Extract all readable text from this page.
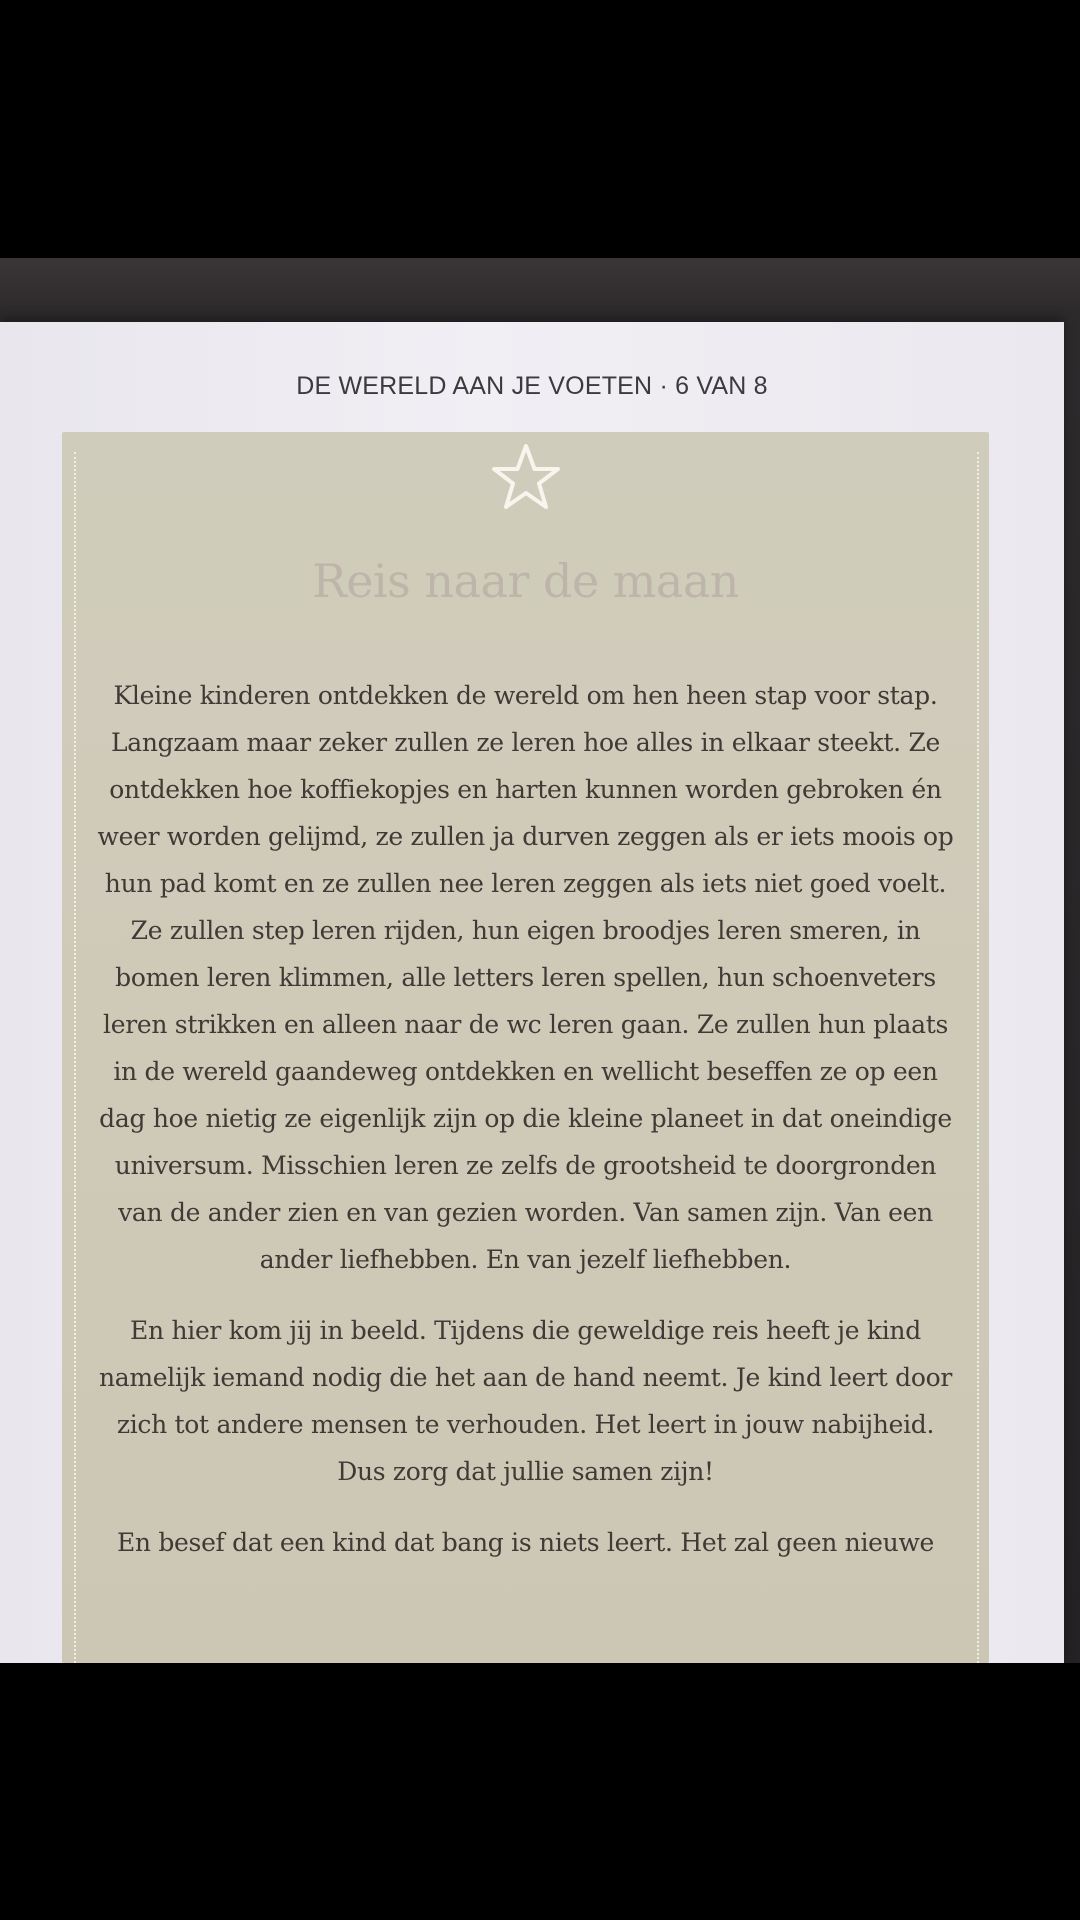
DE WERELD AAN JE VOETEN · 6 VAN 8
Reis naar de maan

Kleine kinderen ontdekken de wereld om hen heen stap voor stap. Langzaam maar zeker zullen ze leren hoe alles in elkaar steekt. Ze ontdekken hoe koffiekopjes en harten kunnen worden gebroken én weer worden gelijmd, ze zullen ja durven zeggen als er iets moois op hun pad komt en ze zullen nee leren zeggen als iets niet goed voelt. Ze zullen step leren rijden, hun eigen broodjes leren smeren, in bomen leren klimmen, alle letters leren spellen, hun schoenveters leren strikken en alleen naar de wc leren gaan. Ze zullen hun plaats in de wereld gaandeweg ontdekken en wellicht beseffen ze op een dag hoe nietig ze eigenlijk zijn op die kleine planeet in dat oneindige universum. Misschien leren ze zelfs de grootsheid te doorgronden van de ander zien en van gezien worden. Van samen zijn. Van een ander liefhebben. En van jezelf liefhebben.

En hier kom jij in beeld. Tijdens die geweldige reis heeft je kind namelijk iemand nodig die het aan de hand neemt. Je kind leert door zich tot andere mensen te verhouden. Het leert in jouw nabijheid. Dus zorg dat jullie samen zijn!

En besef dat een kind dat bang is niets leert. Het zal geen nieuwe
